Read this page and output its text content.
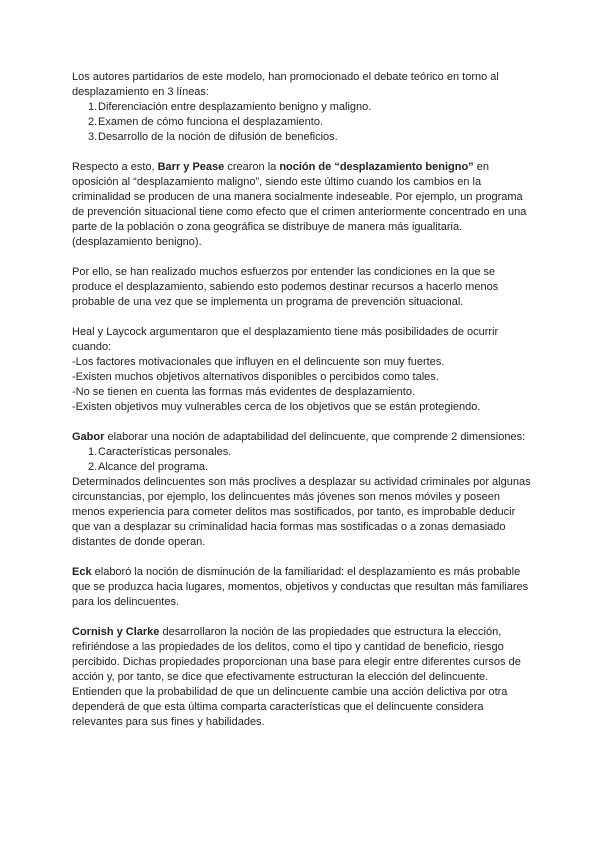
Los autores partidarios de este modelo, han promocionado el debate teórico en torno al desplazamiento en 3 líneas:

1. Diferenciación entre desplazamiento benigno y maligno.
2. Examen de cómo funciona el desplazamiento.
3. Desarrollo de la noción de difusión de beneficios.

Respecto a esto, Barr y Pease crearon la noción de “desplazamiento benigno” en oposición al “desplazamiento maligno”, siendo este último cuando los cambios en la criminalidad se producen de una manera socialmente indeseable. Por ejemplo, un programa de prevención situacional tiene como efecto que el crimen anteriormente concentrado en una parte de la población o zona geográfica se distribuye de manera más igualitaria. (desplazamiento benigno).

Por ello, se han realizado muchos esfuerzos por entender las condiciones en la que se produce el desplazamiento, sabiendo esto podemos destinar recursos a hacerlo menos probable de una vez que se implementa un programa de prevención situacional.

Heal y Laycock argumentaron que el desplazamiento tiene más posibilidades de ocurrir cuando:
-Los factores motivacionales que influyen en el delincuente son muy fuertes.
-Existen muchos objetivos alternativos disponibles o percibidos como tales.
-No se tienen en cuenta las formas más evidentes de desplazamiento.
-Existen objetivos muy vulnerables cerca de los objetivos que se están protegiendo.

Gabor elaborar una noción de adaptabilidad del delincuente, que comprende 2 dimensiones:

1. Características personales.
2. Alcance del programa.

Determinados delincuentes son más proclives a desplazar su actividad criminales por algunas circunstancias, por ejemplo, los delincuentes más jóvenes son menos móviles y poseen menos experiencia para cometer delitos mas sostificados, por tanto, es improbable deducir que van a desplazar su criminalidad hacia formas mas sostificadas o a zonas demasiado distantes de donde operan.

Eck elaboró la noción de disminución de la familiaridad: el desplazamiento es más probable que se produzca hacia lugares, momentos, objetivos y conductas que resultan más familiares para los delincuentes.

Cornish y Clarke desarrollaron la noción de las propiedades que estructura la elección, refiriéndose a las propiedades de los delitos, como el tipo y cantidad de beneficio, riesgo percibido. Dichas propiedades proporcionan una base para elegir entre diferentes cursos de acción y, por tanto, se dice que efectivamente estructuran la elección del delincuente. Entienden que la probabilidad de que un delincuente cambie una acción delictiva por otra dependerá de que esta última comparta características que el delincuente considera relevantes para sus fines y habilidades.
